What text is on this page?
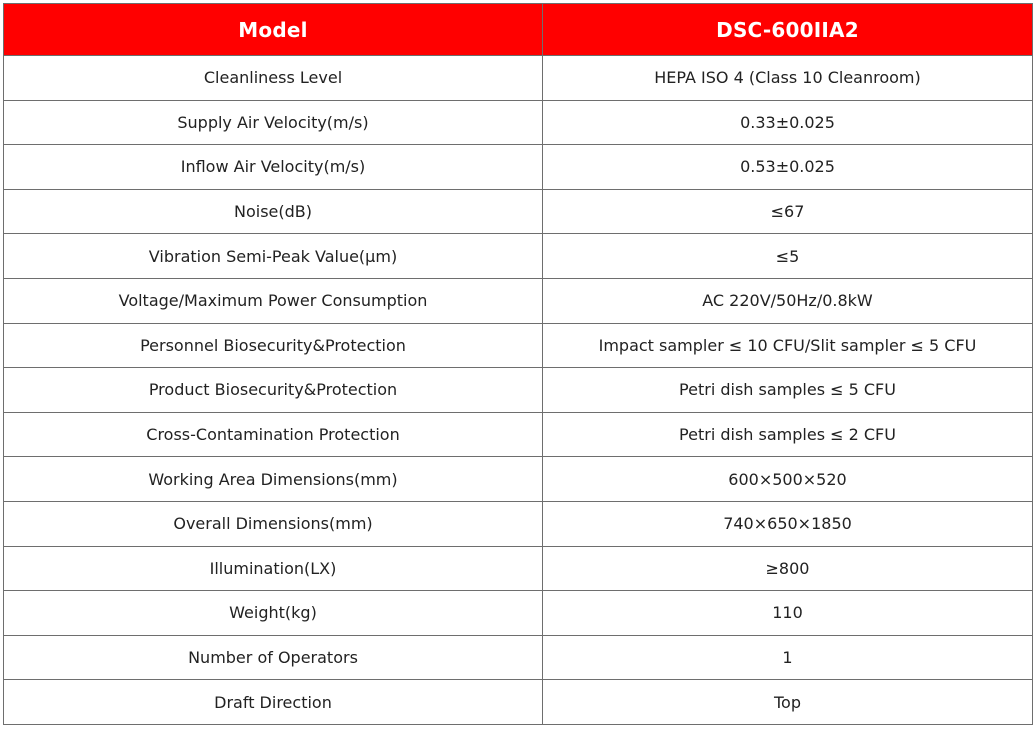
Model	DSC-600IIA2
Cleanliness Level	HEPA ISO 4 (Class 10 Cleanroom)
Supply Air Velocity(m/s)	0.33±0.025
Inflow Air Velocity(m/s)	0.53±0.025
Noise(dB)	≤67
Vibration Semi-Peak Value(μm)	≤5
Voltage/Maximum Power Consumption	AC 220V/50Hz/0.8kW
Personnel Biosecurity&Protection	Impact sampler ≤ 10 CFU/Slit sampler ≤ 5 CFU
Product Biosecurity&Protection	Petri dish samples ≤ 5 CFU
Cross-Contamination Protection	Petri dish samples ≤ 2 CFU
Working Area Dimensions(mm)	600×500×520
Overall Dimensions(mm)	740×650×1850
Illumination(LX)	≥800
Weight(kg)	110
Number of Operators	1
Draft Direction	Top
